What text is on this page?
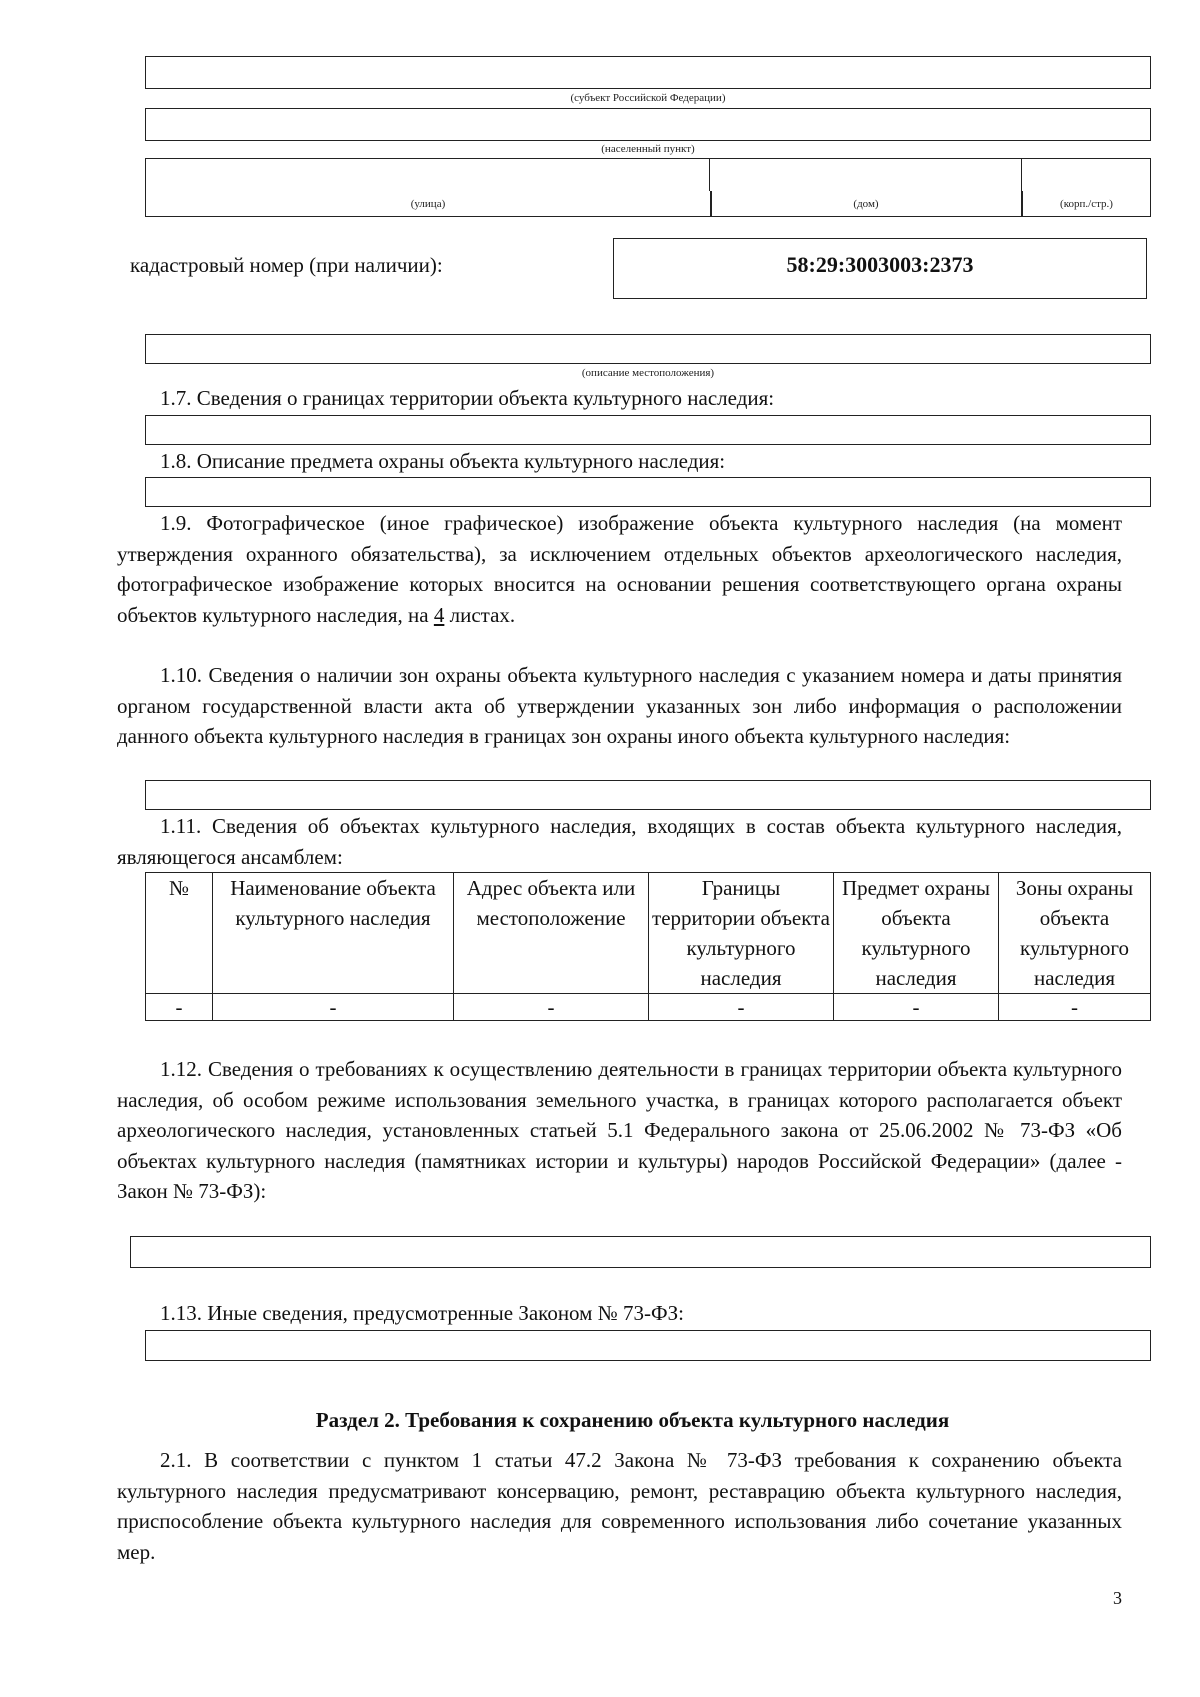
(субъект Российской Федерации)
(населенный пункт)
(улица)	(дом)	(корп./стр.)
кадастровый номер (при наличии):	58:29:3003003:2373
(описание местоположения)
1.7. Сведения о границах территории объекта культурного наследия:
1.8. Описание предмета охраны объекта культурного наследия:
1.9. Фотографическое (иное графическое) изображение объекта культурного наследия (на момент утверждения охранного обязательства), за исключением отдельных объектов археологического наследия, фотографическое изображение которых вносится на основании решения соответствующего органа охраны объектов культурного наследия, на 4 листах.
1.10. Сведения о наличии зон охраны объекта культурного наследия с указанием номера и даты принятия органом государственной власти акта об утверждении указанных зон либо информация о расположении данного объекта культурного наследия в границах зон охраны иного объекта культурного наследия:
1.11. Сведения об объектах культурного наследия, входящих в состав объекта культурного наследия, являющегося ансамблем:
№	Наименование объекта культурного наследия	Адрес объекта или местоположение	Границы территории объекта культурного наследия	Предмет охраны объекта культурного наследия	Зоны охраны объекта культурного наследия
-	-	-	-	-	-
1.12. Сведения о требованиях к осуществлению деятельности в границах территории объекта культурного наследия, об особом режиме использования земельного участка, в границах которого располагается объект археологического наследия, установленных статьей 5.1 Федерального закона от 25.06.2002 № 73-ФЗ «Об объектах культурного наследия (памятниках истории и культуры) народов Российской Федерации» (далее - Закон № 73-ФЗ):
1.13. Иные сведения, предусмотренные Законом № 73-ФЗ:
Раздел 2. Требования к сохранению объекта культурного наследия
2.1. В соответствии с пунктом 1 статьи 47.2 Закона № 73-ФЗ требования к сохранению объекта культурного наследия предусматривают консервацию, ремонт, реставрацию объекта культурного наследия, приспособление объекта культурного наследия для современного использования либо сочетание указанных мер.
3
